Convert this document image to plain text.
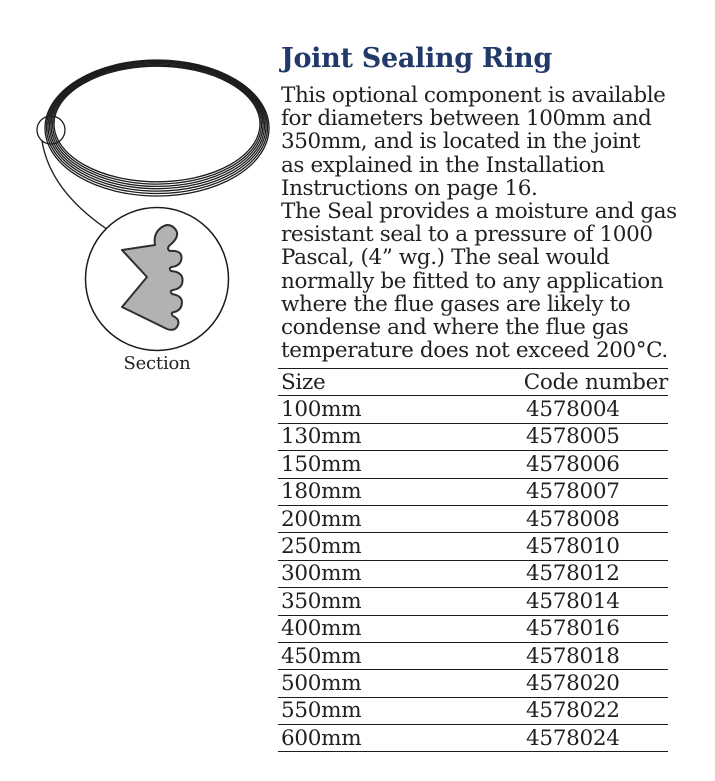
Section
Joint Sealing Ring
This optional component is available
for diameters between 100mm and
350mm, and is located in the joint
as explained in the Installation
Instructions on page 16.
The Seal provides a moisture and gas
resistant seal to a pressure of 1000
Pascal, (4” wg.) The seal would
normally be fitted to any application
where the flue gases are likely to
condense and where the flue gas
temperature does not exceed 200°C.
Size	Code number
100mm	4578004
130mm	4578005
150mm	4578006
180mm	4578007
200mm	4578008
250mm	4578010
300mm	4578012
350mm	4578014
400mm	4578016
450mm	4578018
500mm	4578020
550mm	4578022
600mm	4578024
